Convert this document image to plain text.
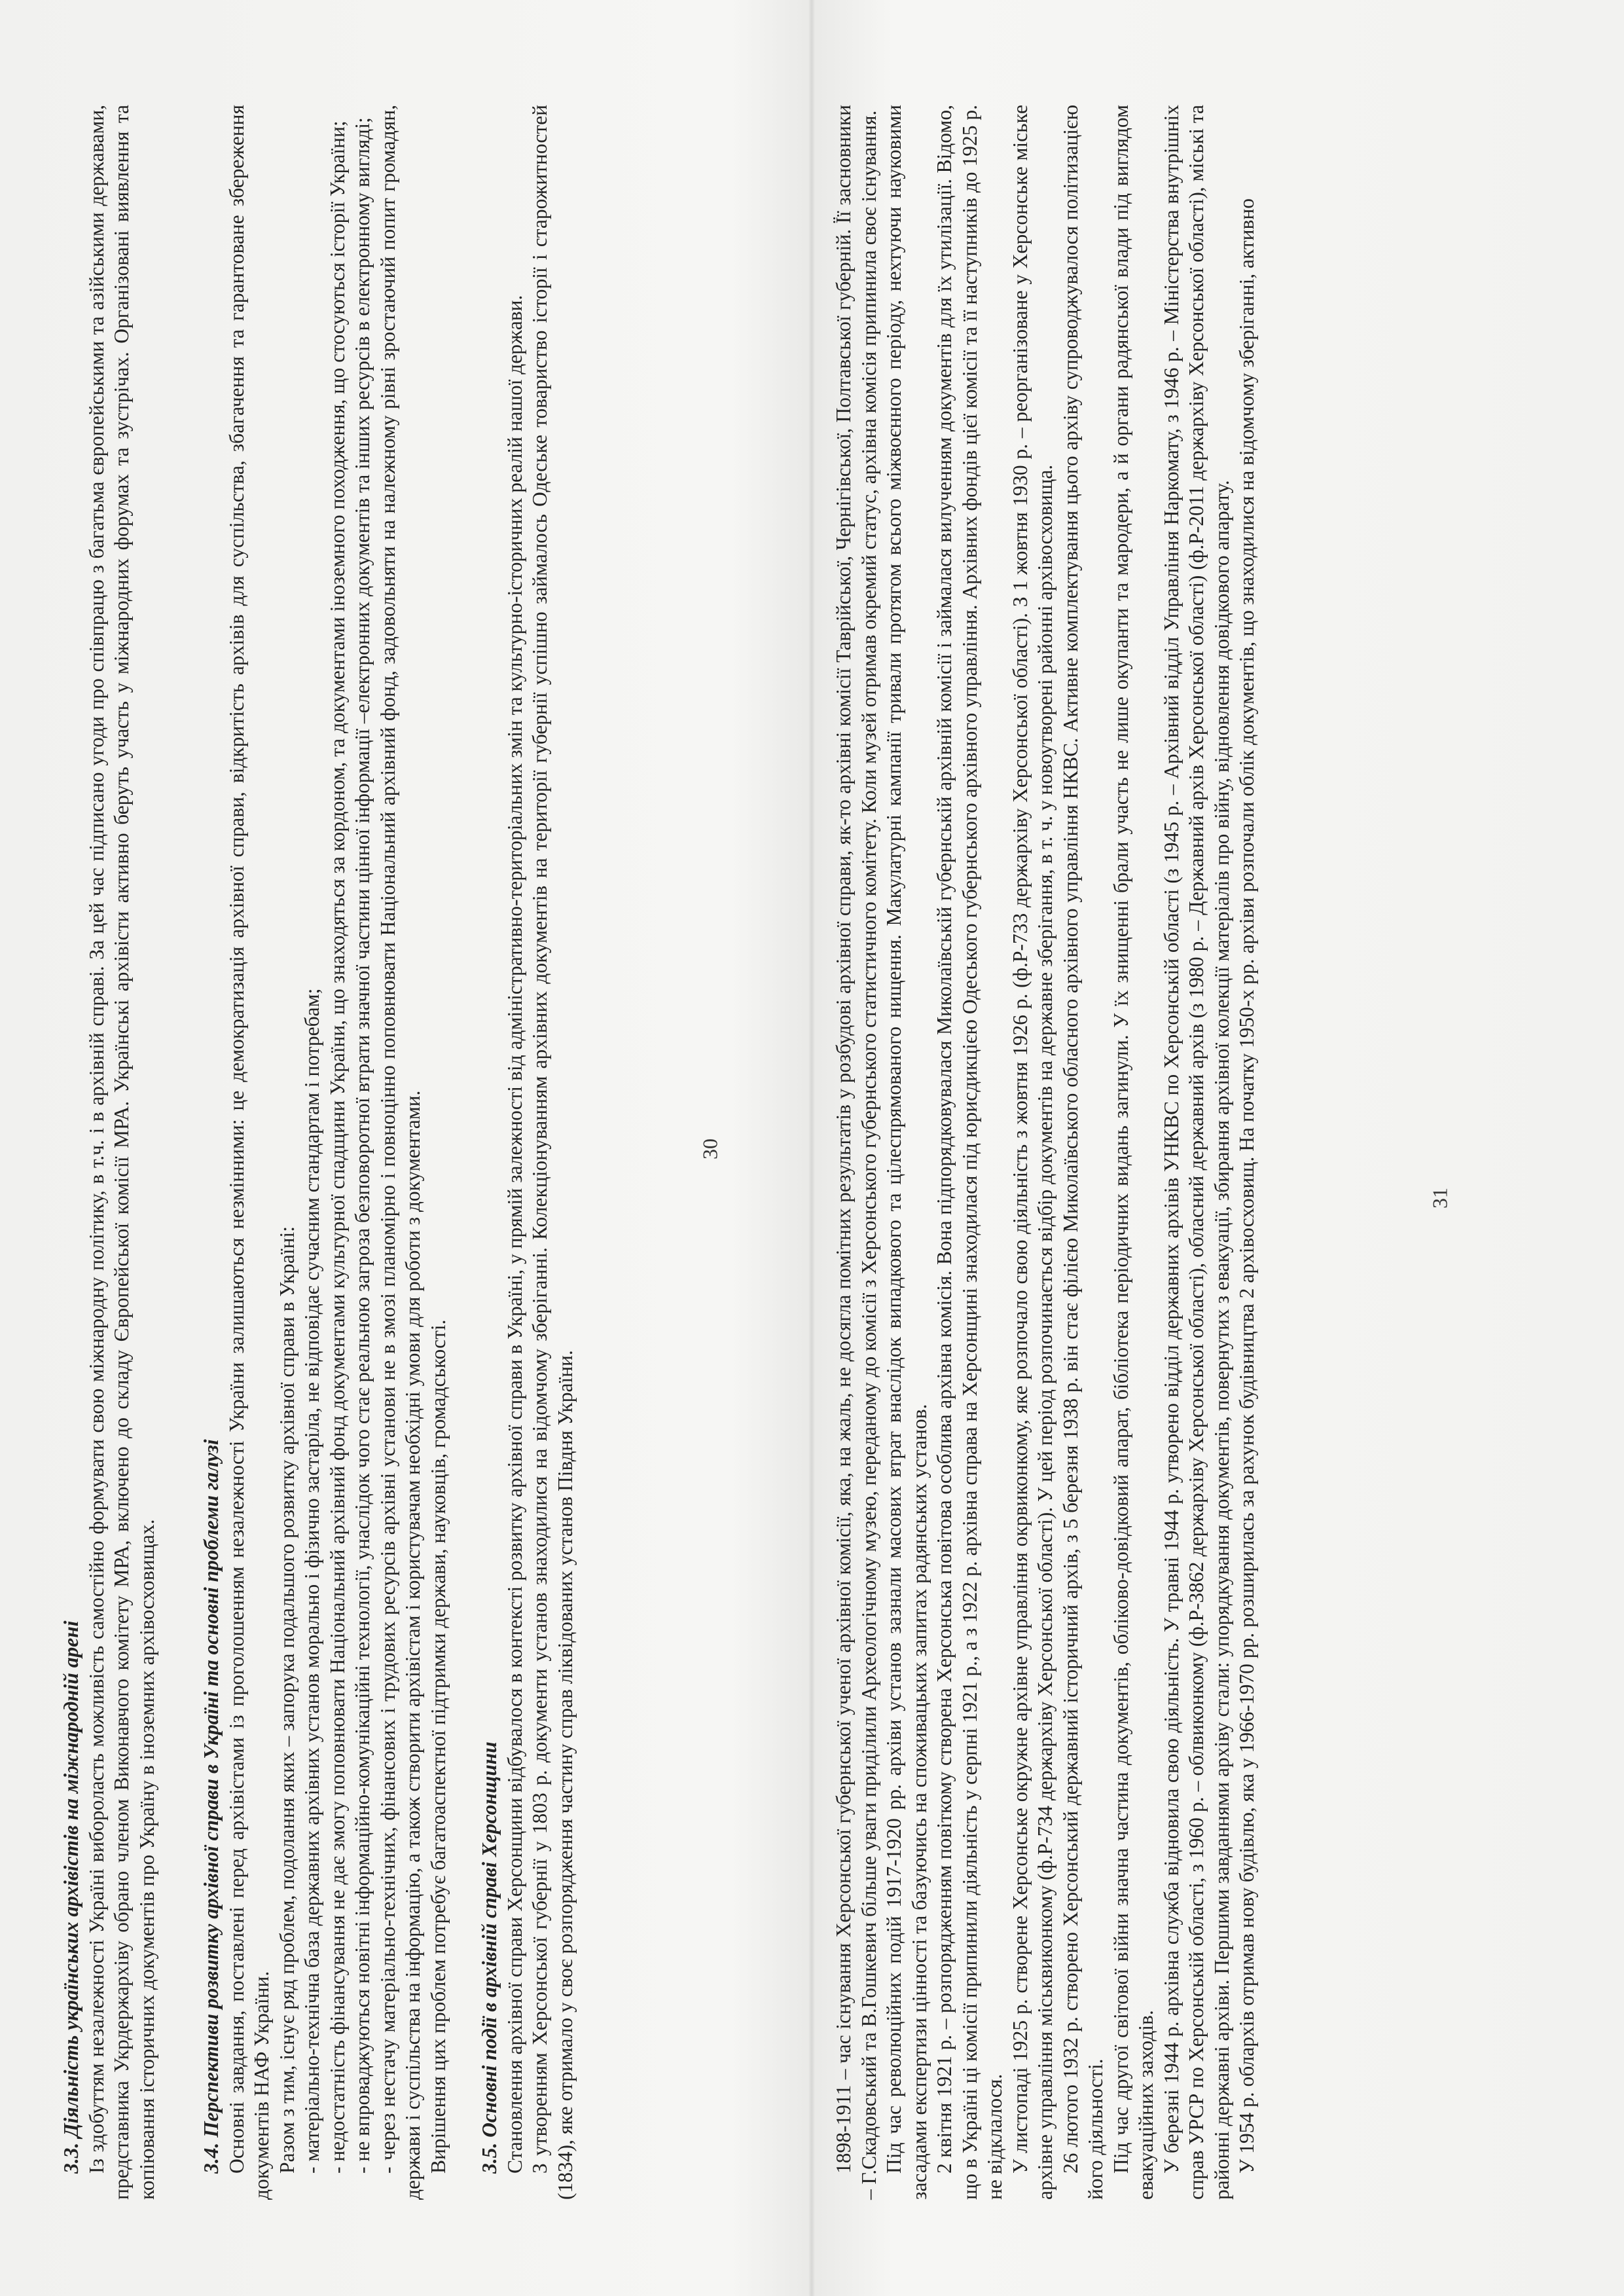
3.3. Діяльність українських архівістів на міжнародній арені Із здобуттям незалежності Україні вибороласть можливість самостійно формувати свою міжнародну політику, в т.ч. і в архівній справі. За цей час підписано угоди про співпрацю з багатьма європейськими та азійськими державами, представника Укрдержархіву обрано членом Виконавчого комітету МРА, включено до складу Європейської комісії МРА. Українські архівісти активно беруть участь у міжнародних форумах та зустрічах. Організовані виявлення та копіювання історичних документів про Україну в іноземних архівосховищах. 3.4. Перспективи розвитку архівної справи в Україні та основні проблеми галузі Основні завдання, поставлені перед архівістами із проголошенням незалежності України залишаються незмінними: це демократизація архівної справи, відкритість архівів для суспільства, збагачення та гарантоване збереження документів НАФ України. Разом з тим, існує ряд проблем, подолання яких – запорука подальшого розвитку архівної справи в Україні: - матеріально-технічна база державних архівних установ морально і фізично застаріла, не відповідає сучасним стандартам і потребам; - недостатність фінансування не дає змогу поповнювати Національний архівний фонд документами культурної спадщини України, що знаходяться за кордоном, та документами іноземного походження, що стосуються історії України; - не впроваджуються новітні інформаційно-комунікаційні технології, унаслідок чого стає реальною загроза безповоротної втрати значної частини цінної інформації –електронних документів та інших ресурсів в електронному вигляді; - через нестачу матеріально-технічних, фінансових і трудових ресурсів архівні установи не в змозі планомірно і повноцінно поповнювати Національний архівний фонд, задовольняти на належному рівні зростаючий попит громадян, держави і суспільства на інформацію, а також створити архівістам і користувачам необхідні умови для роботи з документами. Вирішення цих проблем потребує багатоаспектної підтримки держави, науковців, громадськості. 3.5. Основні події в архівній справі Херсонщини Становлення архівної справи Херсонщини відбувалося в контексті розвитку архівної справи в Україні, у прямій залежності від адміністративно-територіальних змін та культурно-історичних реалій нашої держави. З утворенням Херсонської губернії у 1803 р. документи установ знаходилися на відомчому зберіганні. Колекціонуванням архівних документів на території губернії успішно займалось Одеське товариство історії і старожитностей (1834), яке отримало у своє розпорядження частину справ ліквідованих установ Півдня України.

30	1898-1911 – час існування Херсонської губернської ученої архівної комісії, яка, на жаль, не досягла помітних результатів у розбудові архівної справи, як-то архівні комісії Таврійської, Чернігівської, Полтавської губерній. Її засновники – Г.Скадовський та В.Гошкевич більше уваги приділили Археологічному музею, переданому до комісії з Херсонського губернського статистичного комітету. Коли музей отримав окремий статус, архівна комісія припинила своє існування. Під час революційних подій 1917-1920 рр. архіви установ зазнали масових втрат внаслідок випадкового та цілеспрямованого нищення. Макулатурні кампанії тривали протягом всього міжвоєнного періоду, нехтуючи науковими засадами експертизи цінності та базуючись на споживацьких запитах радянських установ. 2 квітня 1921 р. – розпорядженням повіткому створена Херсонська повітова особлива архівна комісія. Вона підпорядковувалася Миколаївській губернській архівній комісії і займалася вилученням документів для їх утилізації. Відомо, що в Україні ці комісії припинили діяльність у серпні 1921 р., а з 1922 р. архівна справа на Херсонщині знаходилася під юрисдикцією Одеського губернського архівного управління. Архівних фондів цієї комісії та її наступників до 1925 р. не відклалося. У листопаді 1925 р. створене Херсонське окружне архівне управління окрвиконкому, яке розпочало свою діяльність з жовтня 1926 р. (ф.Р-733 держархіву Херсонської області). З 1 жовтня 1930 р. – реорганізоване у Херсонське міське архівне управління міськвиконкому (ф.Р-734 держархіву Херсонської області). У цей період розпочинається відбір документів на державне зберігання, в т. ч. у новоутворені районні архівосховища. 26 лютого 1932 р. створено Херсонський державний історичний архів, з 5 березня 1938 р. він стає філією Миколаївського обласного архівного управління НКВС. Активне комплектування цього архіву супроводжувалося політизацією його діяльності. Під час другої світової війни значна частина документів, обліково-довідковий апарат, бібліотека періодичних видань загинули. У їх знищенні брали участь не лише окупанти та мародери, а й органи радянської влади під виглядом евакуаційних заходів. У березні 1944 р. архівна служба відновила свою діяльність. У травні 1944 р. утворено відділ державних архівів УНКВС по Херсонській області (з 1945 р. – Архівний відділ Управління Наркомату, з 1946 р. – Міністерства внутрішніх справ УРСР по Херсонській області, з 1960 р. – облвиконкому (ф.Р-3862 держархіву Херсонської області), обласний державний архів (з 1980 р. – Державний архів Херсонської області) (ф.Р-2011 держархіву Херсонської області), міські та районні державні архіви. Першими завданнями архіву стали: упорядкування документів, повернутих з евакуації, збирання архівної колекції матеріалів про війну, відновлення довідкового апарату. У 1954 р. облархів отримав нову будівлю, яка у 1966-1970 рр. розширилась за рахунок будівництва 2 архівосховищ. На початку 1950-х рр. архіви розпочали облік документів, що знаходилися на відомчому зберіганні, активно	31
